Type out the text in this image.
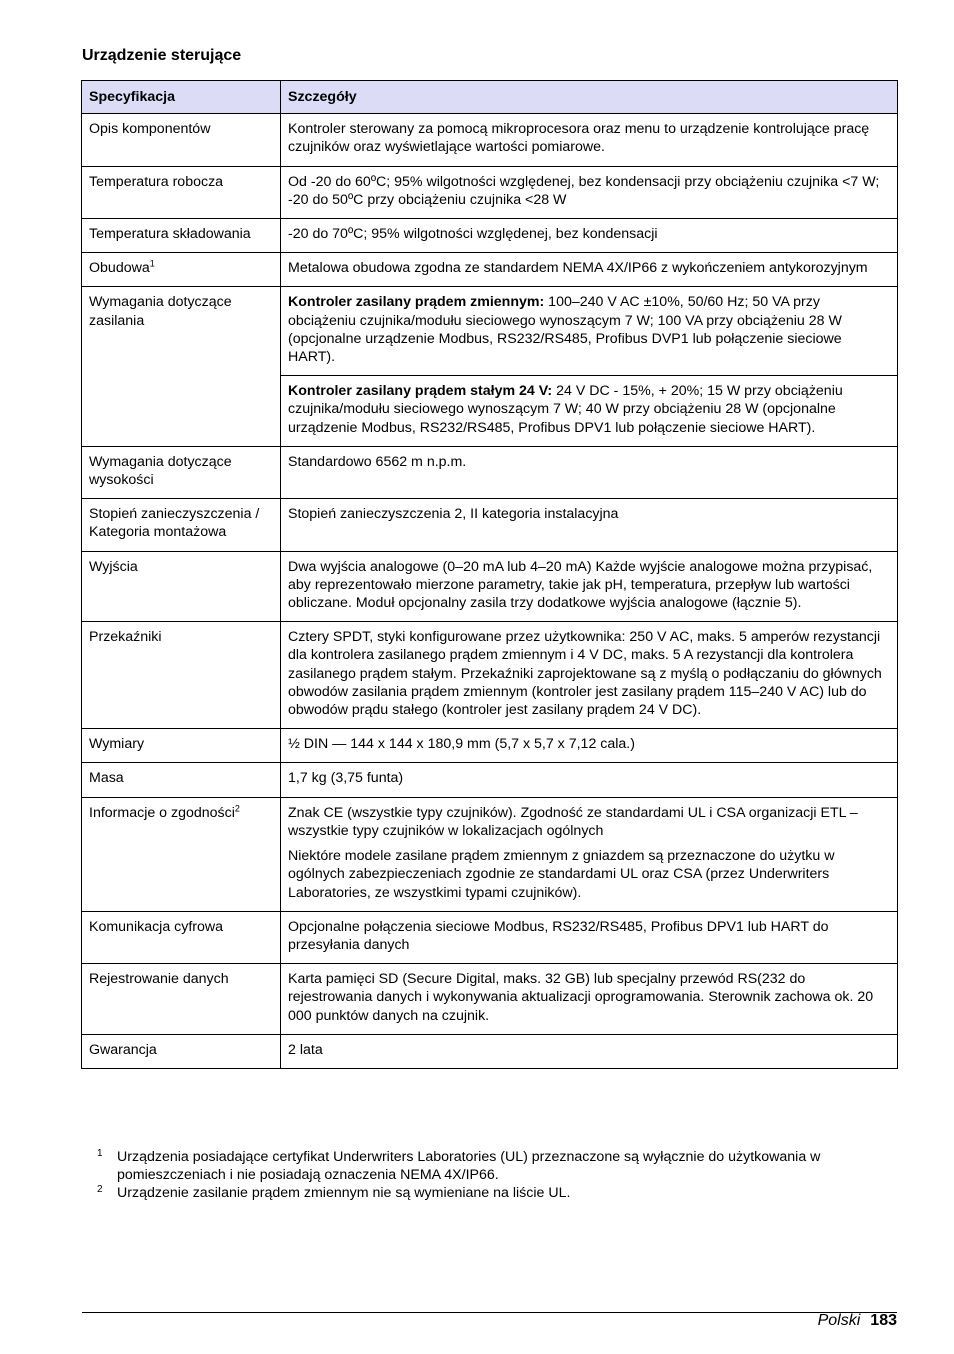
Urządzenie sterujące
Specyfikacja	Szczegóły
Opis komponentów	Kontroler sterowany za pomocą mikroprocesora oraz menu to urządzenie kontrolujące pracę czujników oraz wyświetlające wartości pomiarowe.
Temperatura robocza	Od -20 do 60ºC; 95% wilgotności względenej, bez kondensacji przy obciążeniu czujnika <7 W; -20 do 50ºC przy obciążeniu czujnika <28 W
Temperatura składowania	-20 do 70ºC; 95% wilgotności względenej, bez kondensacji
Obudowa$^1$	Metalowa obudowa zgodna ze standardem NEMA 4X/IP66 z wykończeniem antykorozyjnym
Wymagania dotyczące zasilania	Kontroler zasilany prądem zmiennym: 100–240 V AC ±10%, 50/60 Hz; 50 VA przy obciążeniu czujnika/modułu sieciowego wynoszącym 7 W; 100 VA przy obciążeniu 28 W (opcjonalne urządzenie Modbus, RS232/RS485, Profibus DVP1 lub połączenie sieciowe HART).
	Kontroler zasilany prądem stałym 24 V: 24 V DC - 15%, + 20%; 15 W przy obciążeniu czujnika/modułu sieciowego wynoszącym 7 W; 40 W przy obciążeniu 28 W (opcjonalne urządzenie Modbus, RS232/RS485, Profibus DPV1 lub połączenie sieciowe HART).
Wymagania dotyczące wysokości	Standardowo 6562 m n.p.m.
Stopień zanieczyszczenia / Kategoria montażowa	Stopień zanieczyszczenia 2, II kategoria instalacyjna
Wyjścia	Dwa wyjścia analogowe (0–20 mA lub 4–20 mA) Każde wyjście analogowe można przypisać, aby reprezentowało mierzone parametry, takie jak pH, temperatura, przepływ lub wartości obliczane. Moduł opcjonalny zasila trzy dodatkowe wyjścia analogowe (łącznie 5).
Przekaźniki	Cztery SPDT, styki konfigurowane przez użytkownika: 250 V AC, maks. 5 amperów rezystancji dla kontrolera zasilanego prądem zmiennym i 4 V DC, maks. 5 A rezystancji dla kontrolera zasilanego prądem stałym. Przekaźniki zaprojektowane są z myślą o podłączaniu do głównych obwodów zasilania prądem zmiennym (kontroler jest zasilany prądem 115–240 V AC) lub do obwodów prądu stałego (kontroler jest zasilany prądem 24 V DC).
Wymiary	½ DIN — 144 x 144 x 180,9 mm (5,7 x 5,7 x 7,12 cala.)
Masa	1,7 kg (3,75 funta)
Informacje o zgodności$^2$	Znak CE (wszystkie typy czujników). Zgodność ze standardami UL i CSA organizacji ETL – wszystkie typy czujników w lokalizacjach ogólnych
Niektóre modele zasilane prądem zmiennym z gniazdem są przeznaczone do użytku w ogólnych zabezpieczeniach zgodnie ze standardami UL oraz CSA (przez Underwriters Laboratories, ze wszystkimi typami czujników).

Komunikacja cyfrowa	Opcjonalne połączenia sieciowe Modbus, RS232/RS485, Profibus DPV1 lub HART do przesyłania danych
Rejestrowanie danych	Karta pamięci SD (Secure Digital, maks. 32 GB) lub specjalny przewód RS(232 do rejestrowania danych i wykonywania aktualizacji oprogramowania. Sterownik zachowa ok. 20 000 punktów danych na czujnik.
Gwarancja	2 lata
1 Urządzenia posiadające certyfikat Underwriters Laboratories (UL) przeznaczone są wyłącznie do użytkowania w pomieszczeniach i nie posiadają oznaczenia NEMA 4X/IP66.
2 Urządzenie zasilanie prądem zmiennym nie są wymieniane na liście UL.
Polski 183
